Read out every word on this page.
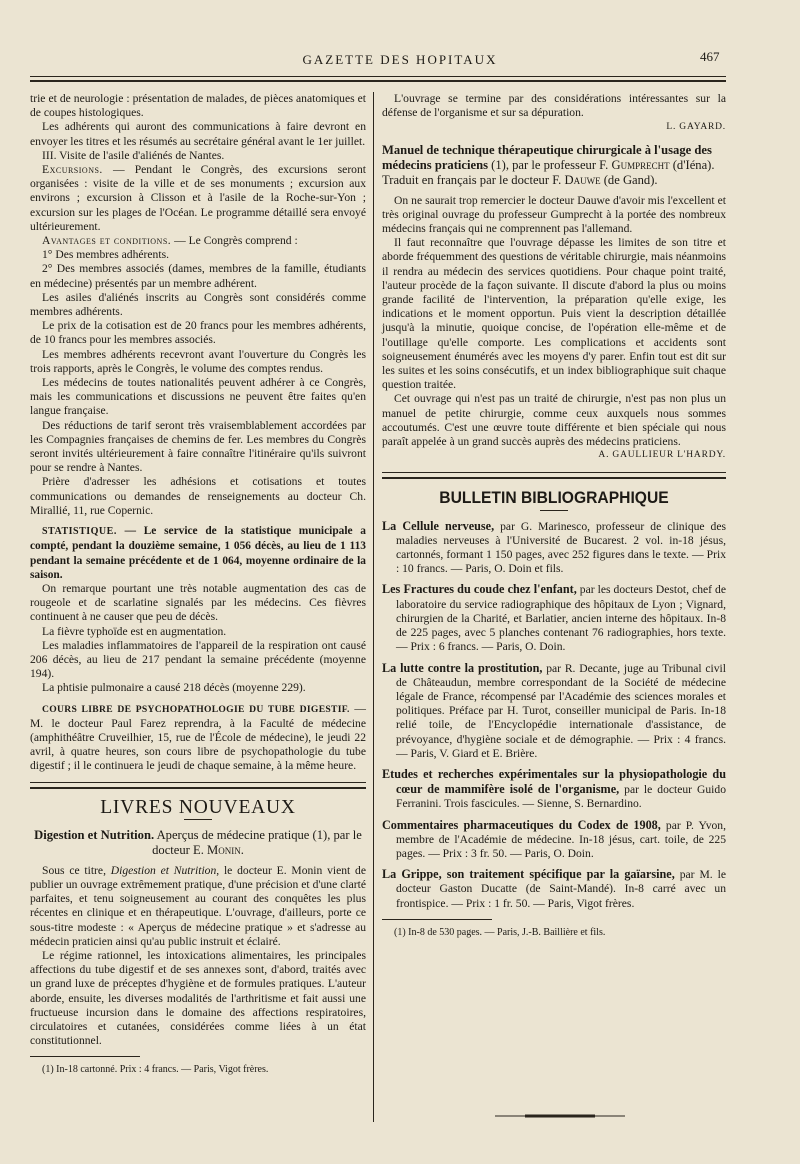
GAZETTE DES HOPITAUX	467

trie et de neurologie : présentation de malades, de pièces anatomiques et de coupes histologiques.

Les adhérents qui auront des communications à faire devront en envoyer les titres et les résumés au secrétaire général avant le 1er juillet.

III. Visite de l'asile d'aliénés de Nantes.

Excursions. — Pendant le Congrès, des excursions seront organisées : visite de la ville et de ses monuments ; excursion aux environs ; excursion à Clisson et à l'asile de la Roche-sur-Yon ; excursion sur les plages de l'Océan. Le programme détaillé sera envoyé ultérieurement.

Avantages et conditions. — Le Congrès comprend :

1° Des membres adhérents.

2° Des membres associés (dames, membres de la famille, étudiants en médecine) présentés par un membre adhérent.

Les asiles d'aliénés inscrits au Congrès sont considérés comme membres adhérents.

Le prix de la cotisation est de 20 francs pour les membres adhérents, de 10 francs pour les membres associés.

Les membres adhérents recevront avant l'ouverture du Congrès les trois rapports, après le Congrès, le volume des comptes rendus.

Les médecins de toutes nationalités peuvent adhérer à ce Congrès, mais les communications et discussions ne peuvent être faites qu'en langue française.

Des réductions de tarif seront très vraisemblablement accordées par les Compagnies françaises de chemins de fer. Les membres du Congrès seront invités ultérieurement à faire connaître l'itinéraire qu'ils suivront pour se rendre à Nantes.

Prière d'adresser les adhésions et cotisations et toutes communications ou demandes de renseignements au docteur Ch. Mirallié, 11, rue Copernic.

STATISTIQUE. — Le service de la statistique municipale a compté, pendant la douzième semaine, 1 056 décès, au lieu de 1 113 pendant la semaine précédente et de 1 064, moyenne ordinaire de la saison.

On remarque pourtant une très notable augmentation des cas de rougeole et de scarlatine signalés par les médecins. Ces fièvres continuent à ne causer que peu de décès.

La fièvre typhoïde est en augmentation.

Les maladies inflammatoires de l'appareil de la respiration ont causé 206 décès, au lieu de 217 pendant la semaine précédente (moyenne 194).

La phtisie pulmonaire a causé 218 décès (moyenne 229).

COURS LIBRE DE PSYCHOPATHOLOGIE DU TUBE DIGESTIF. — M. le docteur Paul Farez reprendra, à la Faculté de médecine (amphithéâtre Cruveilhier, 15, rue de l'École de médecine), le jeudi 22 avril, à quatre heures, son cours libre de psychopathologie du tube digestif ; il le continuera le jeudi de chaque semaine, à la même heure.

LIVRES NOUVEAUX
Digestion et Nutrition. Aperçus de médecine pratique (1), par le docteur E. Monin.

Sous ce titre, Digestion et Nutrition, le docteur E. Monin vient de publier un ouvrage extrêmement pratique, d'une précision et d'une clarté parfaites, et tenu soigneusement au courant des conquêtes les plus récentes en clinique et en thérapeutique. L'ouvrage, d'ailleurs, porte ce sous-titre modeste : « Aperçus de médecine pratique » et s'adresse au médecin praticien ainsi qu'au public instruit et éclairé.

Le régime rationnel, les intoxications alimentaires, les principales affections du tube digestif et de ses annexes sont, d'abord, traités avec un grand luxe de préceptes d'hygiène et de formules pratiques. L'auteur aborde, ensuite, les diverses modalités de l'arthritisme et fait aussi une fructueuse incursion dans le domaine des affections respiratoires, circulatoires et cutanées, considérées comme liées à un état constitutionnel.

(1) In-18 cartonné. Prix : 4 francs. — Paris, Vigot frères.

L'ouvrage se termine par des considérations intéressantes sur la défense de l'organisme et sur sa dépuration.

L. GAYARD.
Manuel de technique thérapeutique chirurgicale à l'usage des médecins praticiens (1), par le professeur F. Gumprecht (d'Iéna). Traduit en français par le docteur F. Dauwe (de Gand).

On ne saurait trop remercier le docteur Dauwe d'avoir mis l'excellent et très original ouvrage du professeur Gumprecht à la portée des nombreux médecins français qui ne comprennent pas l'allemand.

Il faut reconnaître que l'ouvrage dépasse les limites de son titre et aborde fréquemment des questions de véritable chirurgie, mais néanmoins il rendra au médecin des services quotidiens. Pour chaque point traité, l'auteur procède de la façon suivante. Il discute d'abord la plus ou moins grande facilité de l'intervention, la préparation qu'elle exige, les indications et le moment opportun. Puis vient la description détaillée jusqu'à la minutie, quoique concise, de l'opération elle-même et de l'outillage qu'elle comporte. Les complications et accidents sont soigneusement énumérés avec les moyens d'y parer. Enfin tout est dit sur les suites et les soins consécutifs, et un index bibliographique suit chaque question traitée.

Cet ouvrage qui n'est pas un traité de chirurgie, n'est pas non plus un manuel de petite chirurgie, comme ceux auxquels nous sommes accoutumés. C'est une œuvre toute différente et bien spéciale qui nous paraît appelée à un grand succès auprès des médecins praticiens.

A. GAULLIEUR L'HARDY.
BULLETIN BIBLIOGRAPHIQUE
La Cellule nerveuse, par G. Marinesco, professeur de clinique des maladies nerveuses à l'Université de Bucarest. 2 vol. in-18 jésus, cartonnés, formant 1 150 pages, avec 252 figures dans le texte. — Prix : 10 francs. — Paris, O. Doin et fils.
Les Fractures du coude chez l'enfant, par les docteurs Destot, chef de laboratoire du service radiographique des hôpitaux de Lyon ; Vignard, chirurgien de la Charité, et Barlatier, ancien interne des hôpitaux. In-8 de 225 pages, avec 5 planches contenant 76 radiographies, hors texte. — Prix : 6 francs. — Paris, O. Doin.
La lutte contre la prostitution, par R. Decante, juge au Tribunal civil de Châteaudun, membre correspondant de la Société de médecine légale de France, récompensé par l'Académie des sciences morales et politiques. Préface par H. Turot, conseiller municipal de Paris. In-18 relié toile, de l'Encyclopédie internationale d'assistance, de prévoyance, d'hygiène sociale et de démographie. — Prix : 4 francs. — Paris, V. Giard et E. Brière.
Etudes et recherches expérimentales sur la physiopathologie du cœur de mammifère isolé de l'organisme, par le docteur Guido Ferranini. Trois fascicules. — Sienne, S. Bernardino.
Commentaires pharmaceutiques du Codex de 1908, par P. Yvon, membre de l'Académie de médecine. In-18 jésus, cart. toile, de 225 pages. — Prix : 3 fr. 50. — Paris, O. Doin.
La Grippe, son traitement spécifique par la gaïarsine, par M. le docteur Gaston Ducatte (de Saint-Mandé). In-8 carré avec un frontispice. — Prix : 1 fr. 50. — Paris, Vigot frères.

(1) In-8 de 530 pages. — Paris, J.-B. Baillière et fils.
